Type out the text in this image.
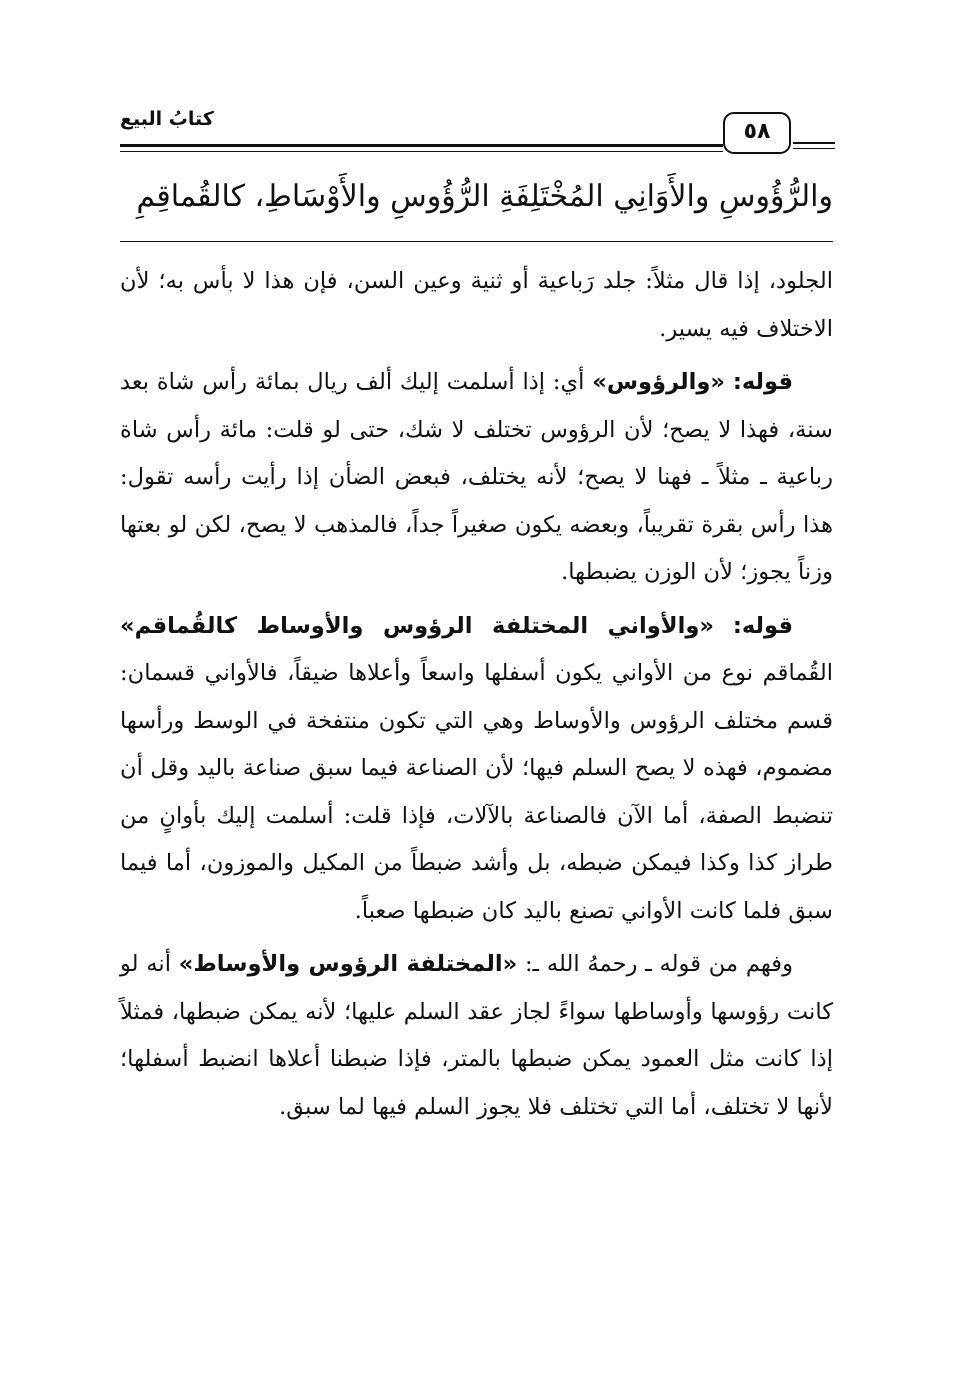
٥٨
كتابُ البيع
والرُّؤُوسِ والأَوَانِي المُخْتَلِفَةِ الرُّؤُوسِ والأَوْسَاطِ، كالقُماقِمِ

الجلود، إذا قال مثلاً: جلد رَباعية أو ثنية وعين السن، فإن هذا لا بأس به؛ لأن الاختلاف فيه يسير.

قوله: «والرؤوس» أي: إذا أسلمت إليك ألف ريال بمائة رأس شاة بعد سنة، فهذا لا يصح؛ لأن الرؤوس تختلف لا شك، حتى لو قلت: مائة رأس شاة رباعية ـ مثلاً ـ فهنا لا يصح؛ لأنه يختلف، فبعض الضأن إذا رأيت رأسه تقول: هذا رأس بقرة تقريباً، وبعضه يكون صغيراً جداً، فالمذهب لا يصح، لكن لو بعتها وزناً يجوز؛ لأن الوزن يضبطها.

قوله: «والأواني المختلفة الرؤوس والأوساط كالقُماقم» القُماقم نوع من الأواني يكون أسفلها واسعاً وأعلاها ضيقاً، فالأواني قسمان: قسم مختلف الرؤوس والأوساط وهي التي تكون منتفخة في الوسط ورأسها مضموم، فهذه لا يصح السلم فيها؛ لأن الصناعة فيما سبق صناعة باليد وقل أن تنضبط الصفة، أما الآن فالصناعة بالآلات، فإذا قلت: أسلمت إليك بأوانٍ من طراز كذا وكذا فيمكن ضبطه، بل وأشد ضبطاً من المكيل والموزون، أما فيما سبق فلما كانت الأواني تصنع باليد كان ضبطها صعباً.

وفهم من قوله ـ رحمهُ الله ـ: «المختلفة الرؤوس والأوساط» أنه لو كانت رؤوسها وأوساطها سواءً لجاز عقد السلم عليها؛ لأنه يمكن ضبطها، فمثلاً إذا كانت مثل العمود يمكن ضبطها بالمتر، فإذا ضبطنا أعلاها انضبط أسفلها؛ لأنها لا تختلف، أما التي تختلف فلا يجوز السلم فيها لما سبق.
